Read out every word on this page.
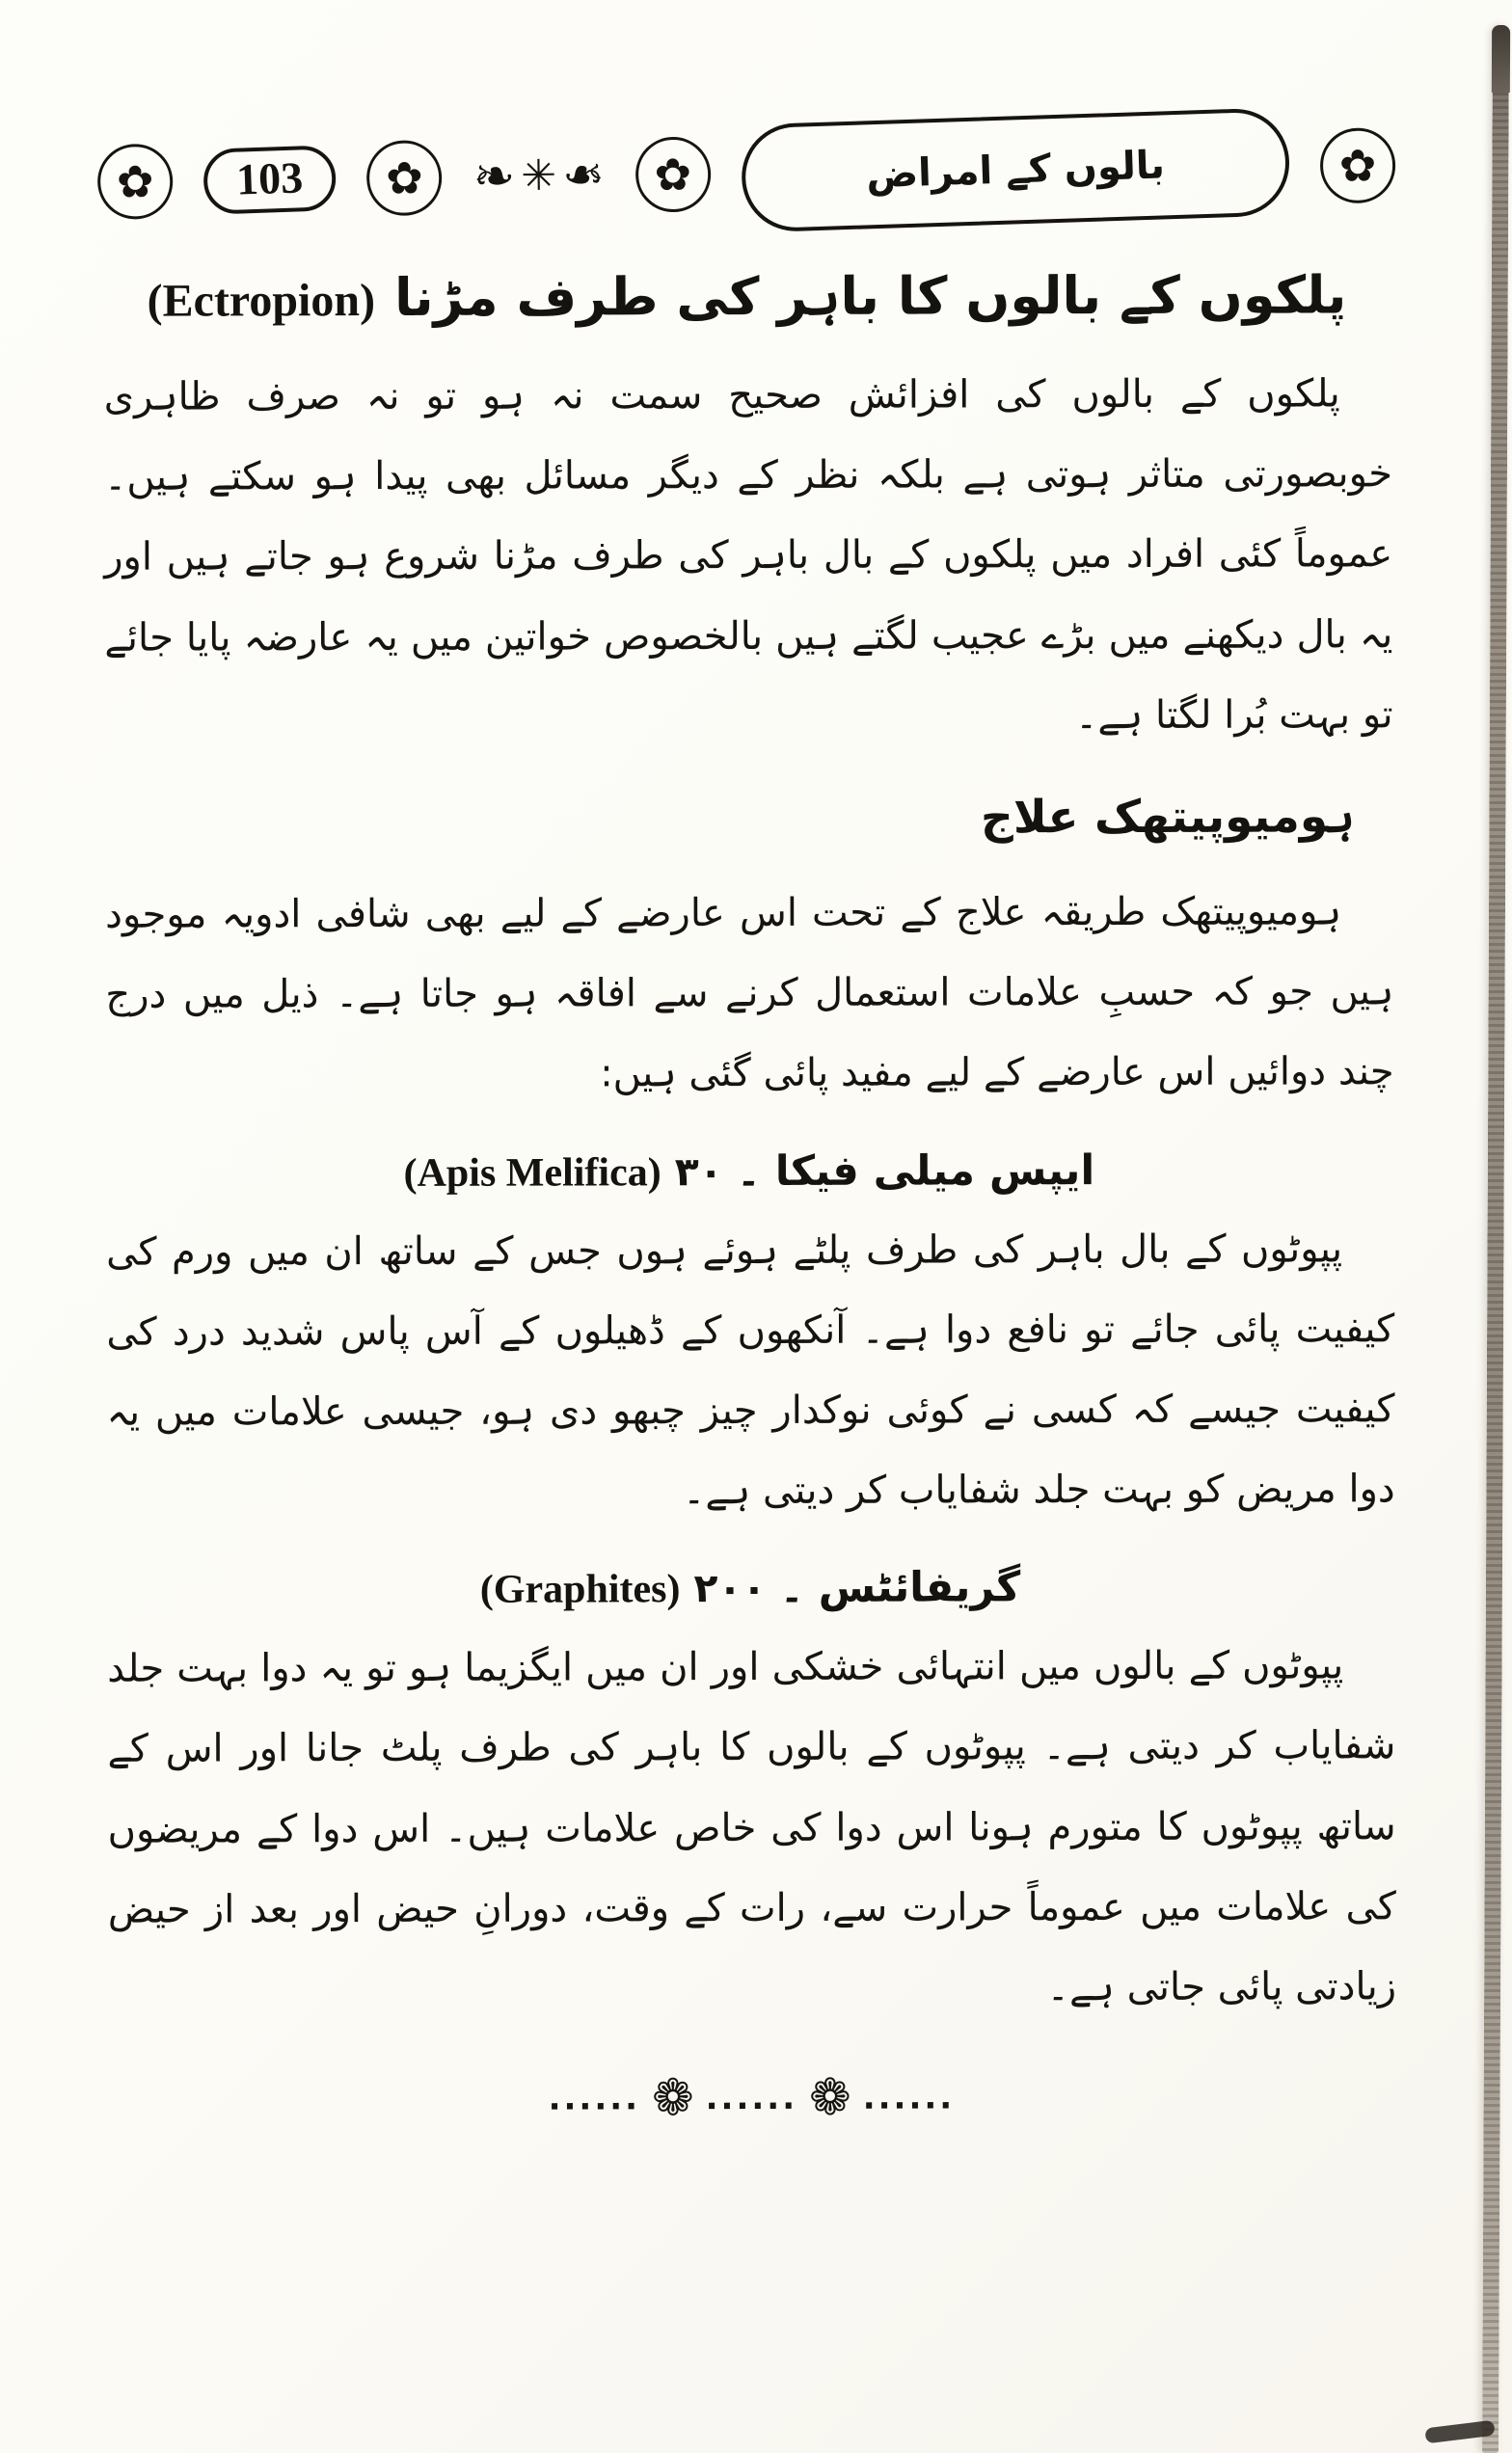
✿	103	✿ ❧ ✳ ❧	✿	بالوں کے امراض	✿
پلکوں کے بالوں کا باہر کی طرف مڑنا
(Ectropion)

پلکوں کے بالوں کی افزائش صحیح سمت نہ ہو تو نہ صرف ظاہری خوبصورتی متاثر ہوتی ہے بلکہ نظر کے دیگر مسائل بھی پیدا ہو سکتے ہیں۔ عموماً کئی افراد میں پلکوں کے بال باہر کی طرف مڑنا شروع ہو جاتے ہیں اور یہ بال دیکھنے میں بڑے عجیب لگتے ہیں بالخصوص خواتین میں یہ عارضہ پایا جائے تو بہت بُرا لگتا ہے۔

ہومیوپیتھک علاج

ہومیوپیتھک طریقہ علاج کے تحت اس عارضے کے لیے بھی شافی ادویہ موجود ہیں جو کہ حسبِ علامات استعمال کرنے سے افاقہ ہو جاتا ہے۔ ذیل میں درج چند دوائیں اس عارضے کے لیے مفید پائی گئی ہیں:

ایپس میلی فیکا ۔
۳۰
(Apis Melifica)

پپوٹوں کے بال باہر کی طرف پلٹے ہوئے ہوں جس کے ساتھ ان میں ورم کی کیفیت پائی جائے تو نافع دوا ہے۔ آنکھوں کے ڈھیلوں کے آس پاس شدید درد کی کیفیت جیسے کہ کسی نے کوئی نوکدار چیز چبھو دی ہو، جیسی علامات میں یہ دوا مریض کو بہت جلد شفایاب کر دیتی ہے۔

گریفائٹس ۔
۲۰۰
(Graphites)

پپوٹوں کے بالوں میں انتہائی خشکی اور ان میں ایگزیما ہو تو یہ دوا بہت جلد شفایاب کر دیتی ہے۔ پپوٹوں کے بالوں کا باہر کی طرف پلٹ جانا اور اس کے ساتھ پپوٹوں کا متورم ہونا اس دوا کی خاص علامات ہیں۔ اس دوا کے مریضوں کی علامات میں عموماً حرارت سے، رات کے وقت، دورانِ حیض اور بعد از حیض زیادتی پائی جاتی ہے۔

...... ❁ ...... ❁ ......
